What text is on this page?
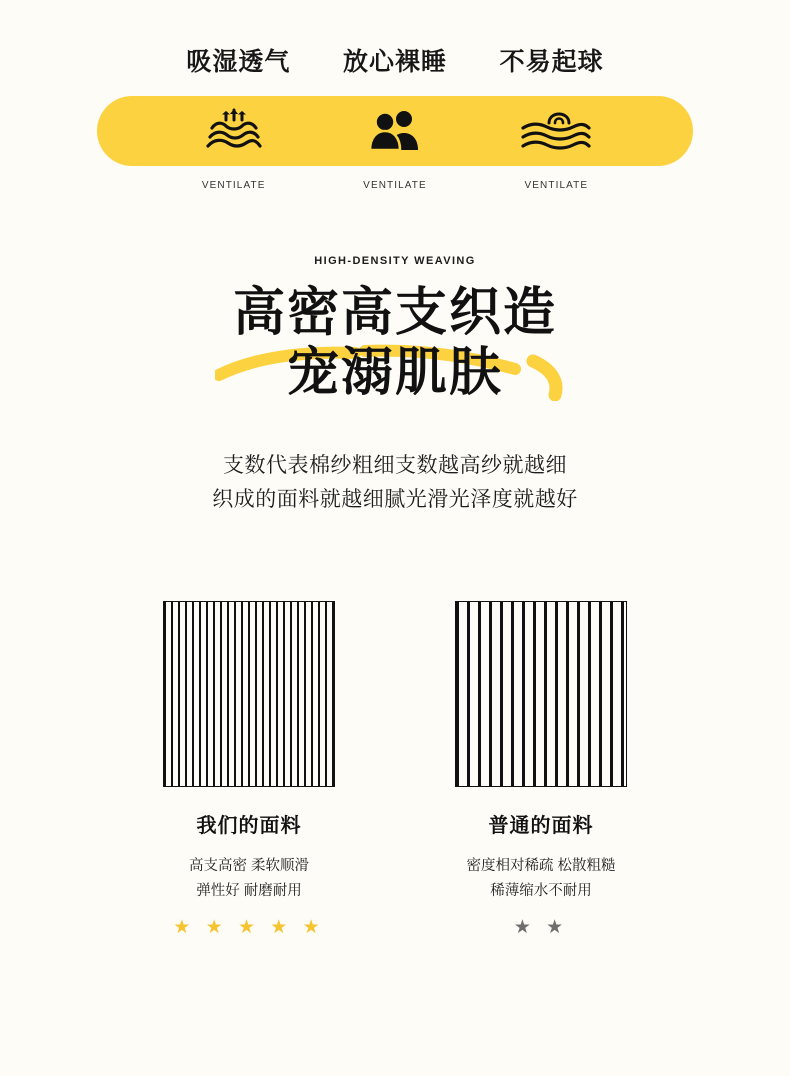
吸湿透气	放心裸睡	不易起球
VENTILATE	VENTILATE	VENTILATE
HIGH-DENSITY WEAVING
高密高支织造
宠溺肌肤
支数代表棉纱粗细支数越高纱就越细
织成的面料就越细腻光滑光泽度就越好
我们的面料
高支高密 柔软顺滑
弹性好 耐磨耐用
★ ★ ★ ★ ★
普通的面料
密度相对稀疏 松散粗糙
稀薄缩水不耐用
★ ★
